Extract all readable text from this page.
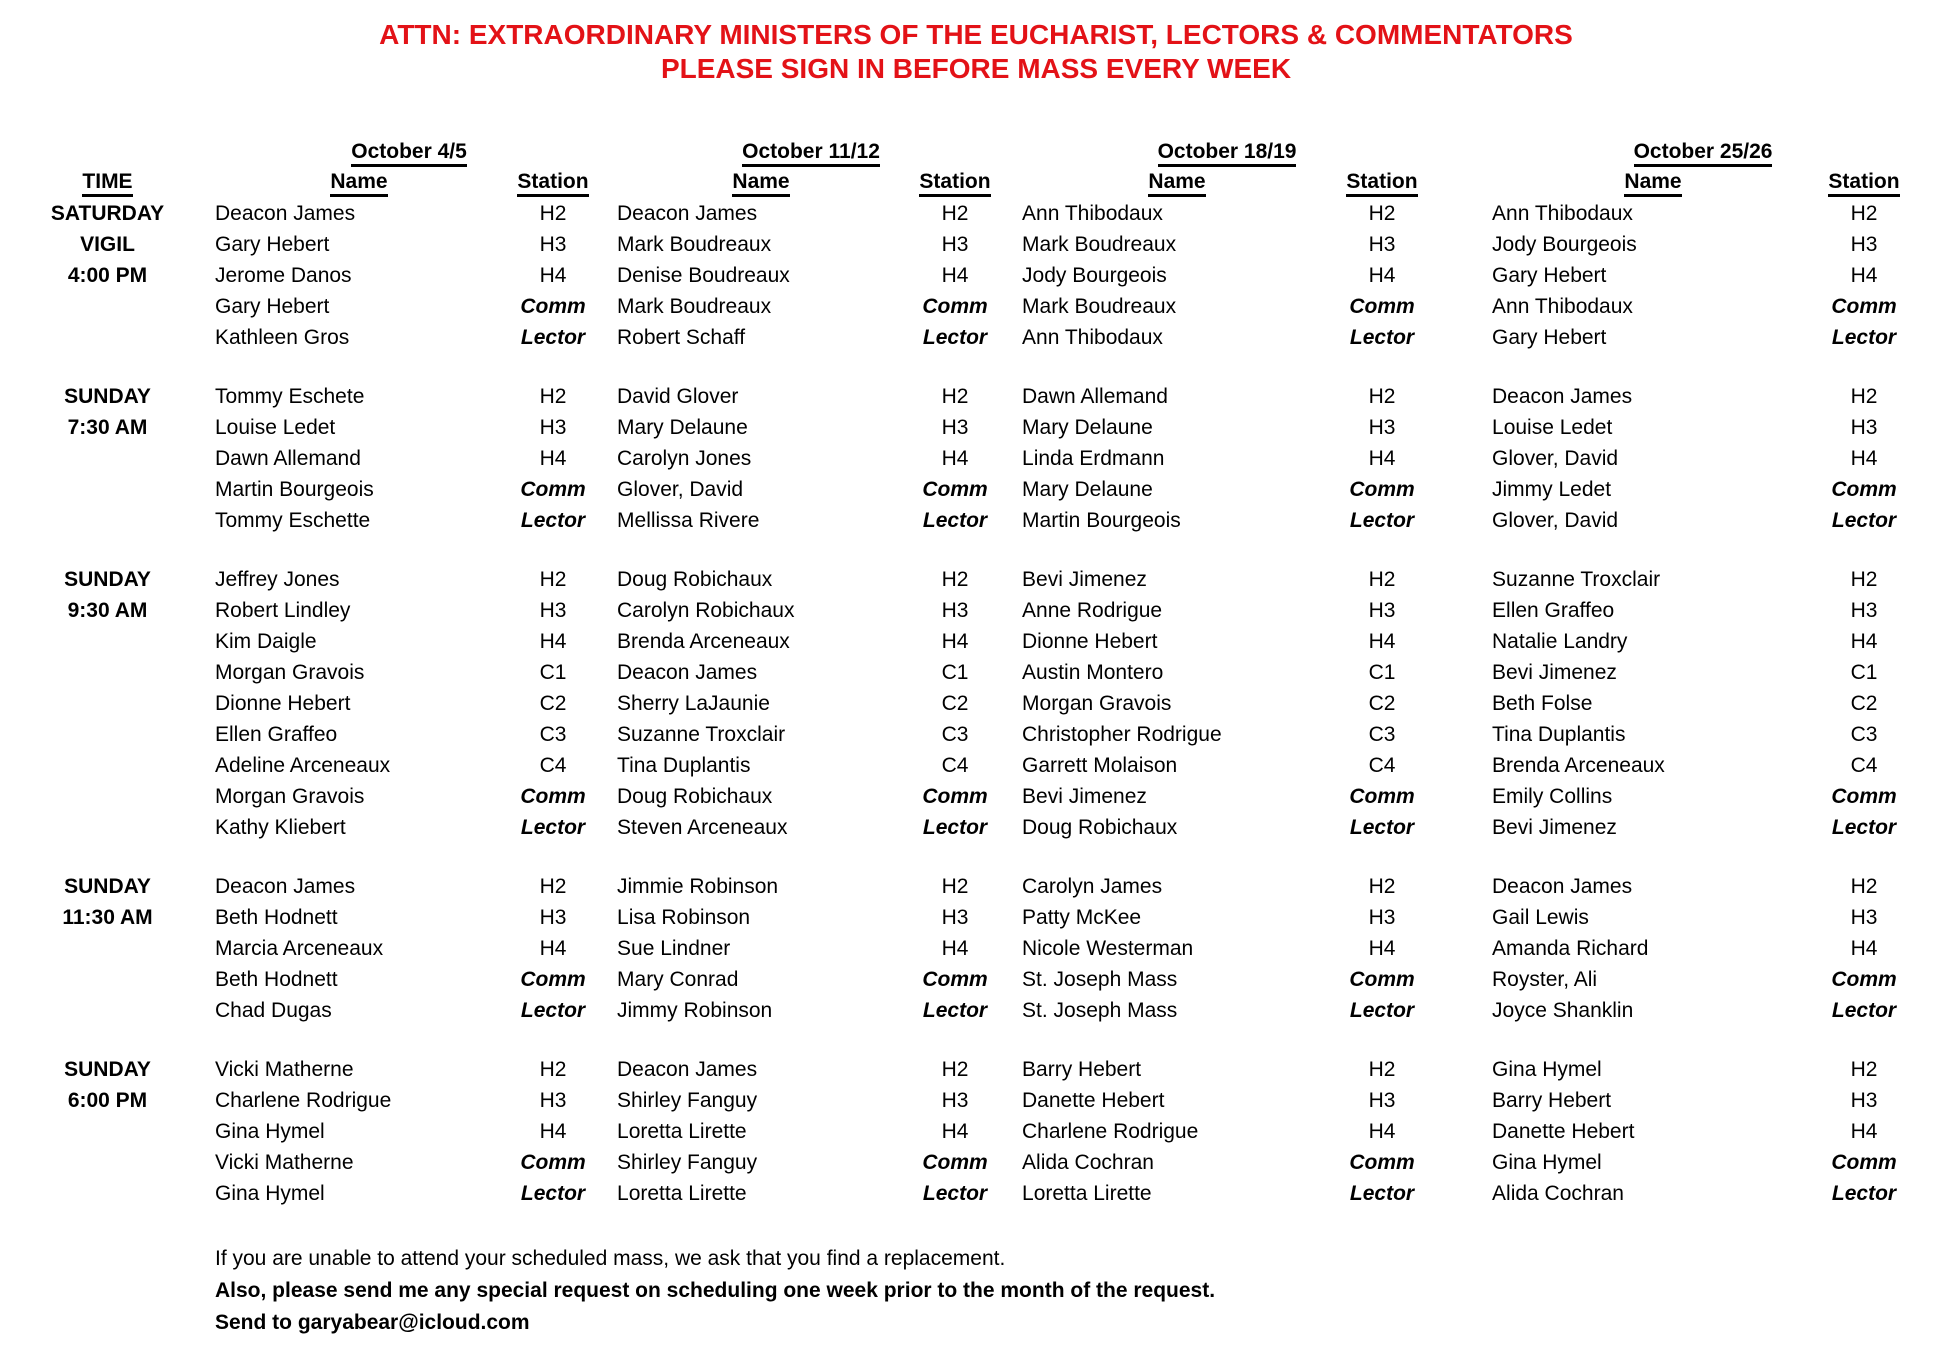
ATTN: EXTRAORDINARY MINISTERS OF THE EUCHARIST, LECTORS & COMMENTATORS
PLEASE SIGN IN BEFORE MASS EVERY WEEK
	October 4/5			October 11/12			October 18/19			October 25/26		
TIME	Name	Station		Name	Station		Name	Station		Name	Station	
SATURDAY	Deacon James	H2		Deacon James	H2		Ann Thibodaux	H2		Ann Thibodaux	H2	
VIGIL	Gary Hebert	H3		Mark Boudreaux	H3		Mark Boudreaux	H3		Jody Bourgeois	H3	
4:00 PM	Jerome Danos	H4		Denise Boudreaux	H4		Jody Bourgeois	H4		Gary Hebert	H4	
	Gary Hebert	Comm		Mark Boudreaux	Comm		Mark Boudreaux	Comm		Ann Thibodaux	Comm	
	Kathleen Gros	Lector		Robert Schaff	Lector		Ann Thibodaux	Lector		Gary Hebert	Lector	

SUNDAY	Tommy Eschete	H2		David Glover	H2		Dawn Allemand	H2		Deacon James	H2	
7:30 AM	Louise Ledet	H3		Mary Delaune	H3		Mary Delaune	H3		Louise Ledet	H3	
	Dawn Allemand	H4		Carolyn Jones	H4		Linda Erdmann	H4		Glover, David	H4	
	Martin Bourgeois	Comm		Glover, David	Comm		Mary Delaune	Comm		Jimmy Ledet	Comm	
	Tommy Eschette	Lector		Mellissa Rivere	Lector		Martin Bourgeois	Lector		Glover, David	Lector	

SUNDAY	Jeffrey Jones	H2		Doug Robichaux	H2		Bevi Jimenez	H2		Suzanne Troxclair	H2	
9:30 AM	Robert Lindley	H3		Carolyn Robichaux	H3		Anne Rodrigue	H3		Ellen Graffeo	H3	
	Kim Daigle	H4		Brenda Arceneaux	H4		Dionne Hebert	H4		Natalie Landry	H4	
	Morgan Gravois	C1		Deacon James	C1		Austin Montero	C1		Bevi Jimenez	C1	
	Dionne Hebert	C2		Sherry LaJaunie	C2		Morgan Gravois	C2		Beth Folse	C2	
	Ellen Graffeo	C3		Suzanne Troxclair	C3		Christopher Rodrigue	C3		Tina Duplantis	C3	
	Adeline Arceneaux	C4		Tina Duplantis	C4		Garrett Molaison	C4		Brenda Arceneaux	C4	
	Morgan Gravois	Comm		Doug Robichaux	Comm		Bevi Jimenez	Comm		Emily Collins	Comm	
	Kathy Kliebert	Lector		Steven Arceneaux	Lector		Doug Robichaux	Lector		Bevi Jimenez	Lector	

SUNDAY	Deacon James	H2		Jimmie Robinson	H2		Carolyn James	H2		Deacon James	H2	
11:30 AM	Beth Hodnett	H3		Lisa Robinson	H3		Patty McKee	H3		Gail Lewis	H3	
	Marcia Arceneaux	H4		Sue Lindner	H4		Nicole Westerman	H4		Amanda Richard	H4	
	Beth Hodnett	Comm		Mary Conrad	Comm		St. Joseph Mass	Comm		Royster, Ali	Comm	
	Chad Dugas	Lector		Jimmy Robinson	Lector		St. Joseph Mass	Lector		Joyce Shanklin	Lector	

SUNDAY	Vicki Matherne	H2		Deacon James	H2		Barry Hebert	H2		Gina Hymel	H2	
6:00 PM	Charlene Rodrigue	H3		Shirley Fanguy	H3		Danette Hebert	H3		Barry Hebert	H3	
	Gina Hymel	H4		Loretta Lirette	H4		Charlene Rodrigue	H4		Danette Hebert	H4	
	Vicki Matherne	Comm		Shirley Fanguy	Comm		Alida Cochran	Comm		Gina Hymel	Comm	
	Gina Hymel	Lector		Loretta Lirette	Lector		Loretta Lirette	Lector		Alida Cochran	Lector	
If you are unable to attend your scheduled mass, we ask that you find a replacement.
Also, please send me any special request on scheduling one week prior to the month of the request.
Send to garyabear@icloud.com
